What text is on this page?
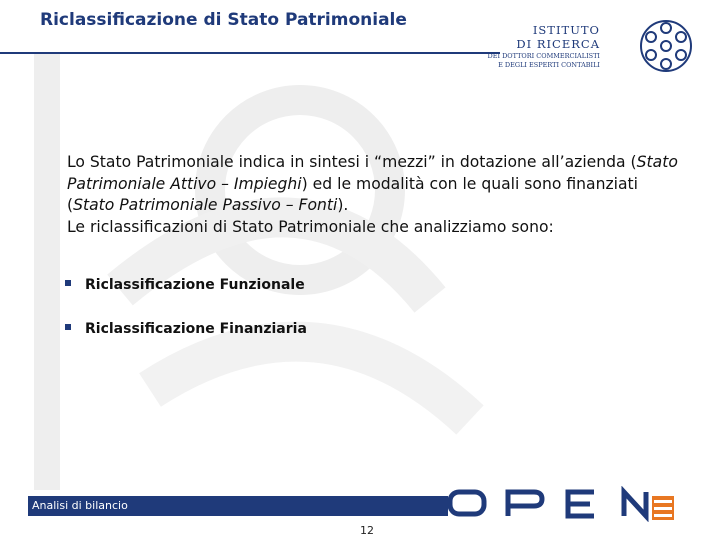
Riclassificazione di Stato Patrimoniale	ISTITUTO
DI RICERCA
DEI DOTTORI COMMERCIALISTI
E DEGLI ESPERTI CONTABILI
Lo Stato Patrimoniale indica in sintesi i “mezzi” in dotazione all’azienda (Stato Patrimoniale Attivo – Impieghi) ed le modalità con le quali sono finanziati (Stato Patrimoniale Passivo – Fonti).
Le riclassificazioni di Stato Patrimoniale che analizziamo sono:
Riclassificazione Funzionale
Riclassificazione Finanziaria
Analisi di bilancio
12
